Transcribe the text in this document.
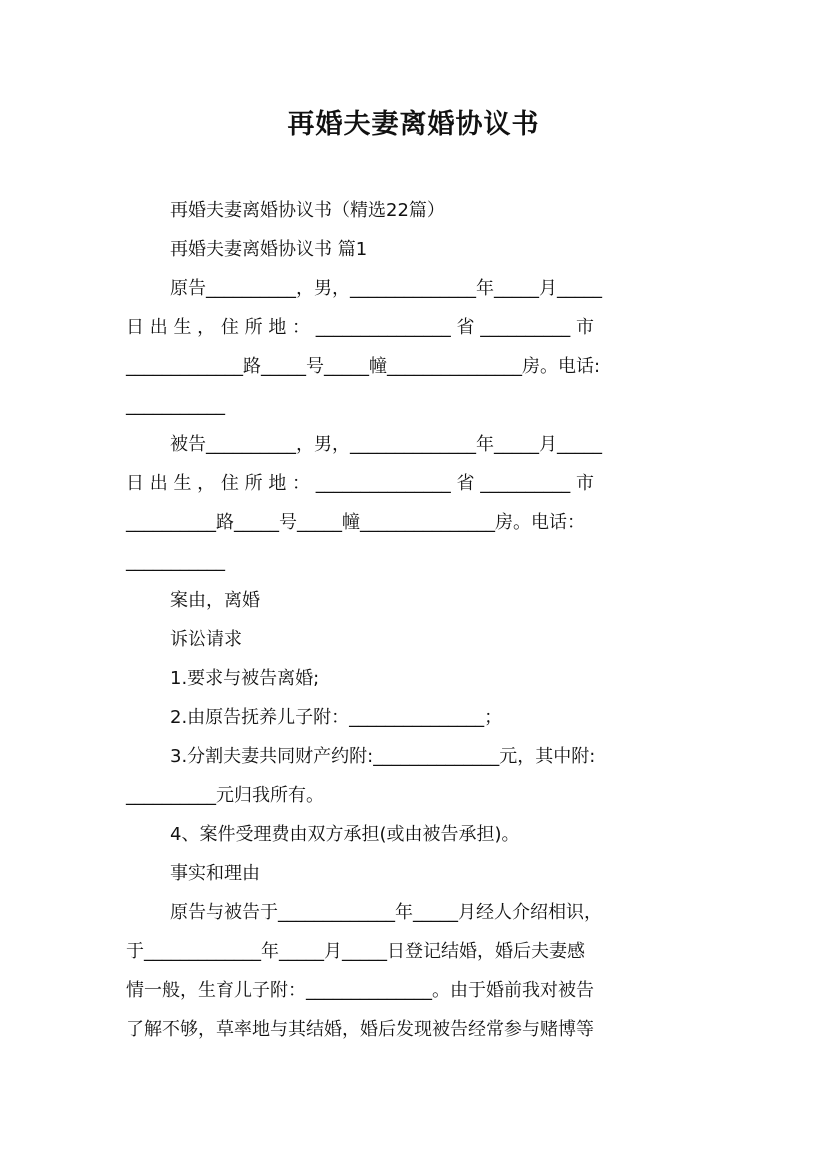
再婚夫妻离婚协议书
再婚夫妻离婚协议书（精选22篇）
再婚夫妻离婚协议书 篇1
原告__________，男，______________年_____月_____
日 出 生 ， 住 所 地 ： _______________ 省 __________ 市
_____________路_____号_____幢_______________房。电话:
___________
被告__________，男，______________年_____月_____
日 出 生 ， 住 所 地 ： _______________ 省 __________ 市
__________路_____号_____幢_______________房。电话：
___________
案由，离婚
诉讼请求
1.要求与被告离婚;
2.由原告抚养儿子附：_______________；
3.分割夫妻共同财产约附:______________元，其中附:
__________元归我所有。
4、案件受理费由双方承担(或由被告承担)。
事实和理由
原告与被告于_____________年_____月经人介绍相识，
于_____________年_____月_____日登记结婚，婚后夫妻感
情一般，生育儿子附：______________。由于婚前我对被告
了解不够，草率地与其结婚，婚后发现被告经常参与赌博等
